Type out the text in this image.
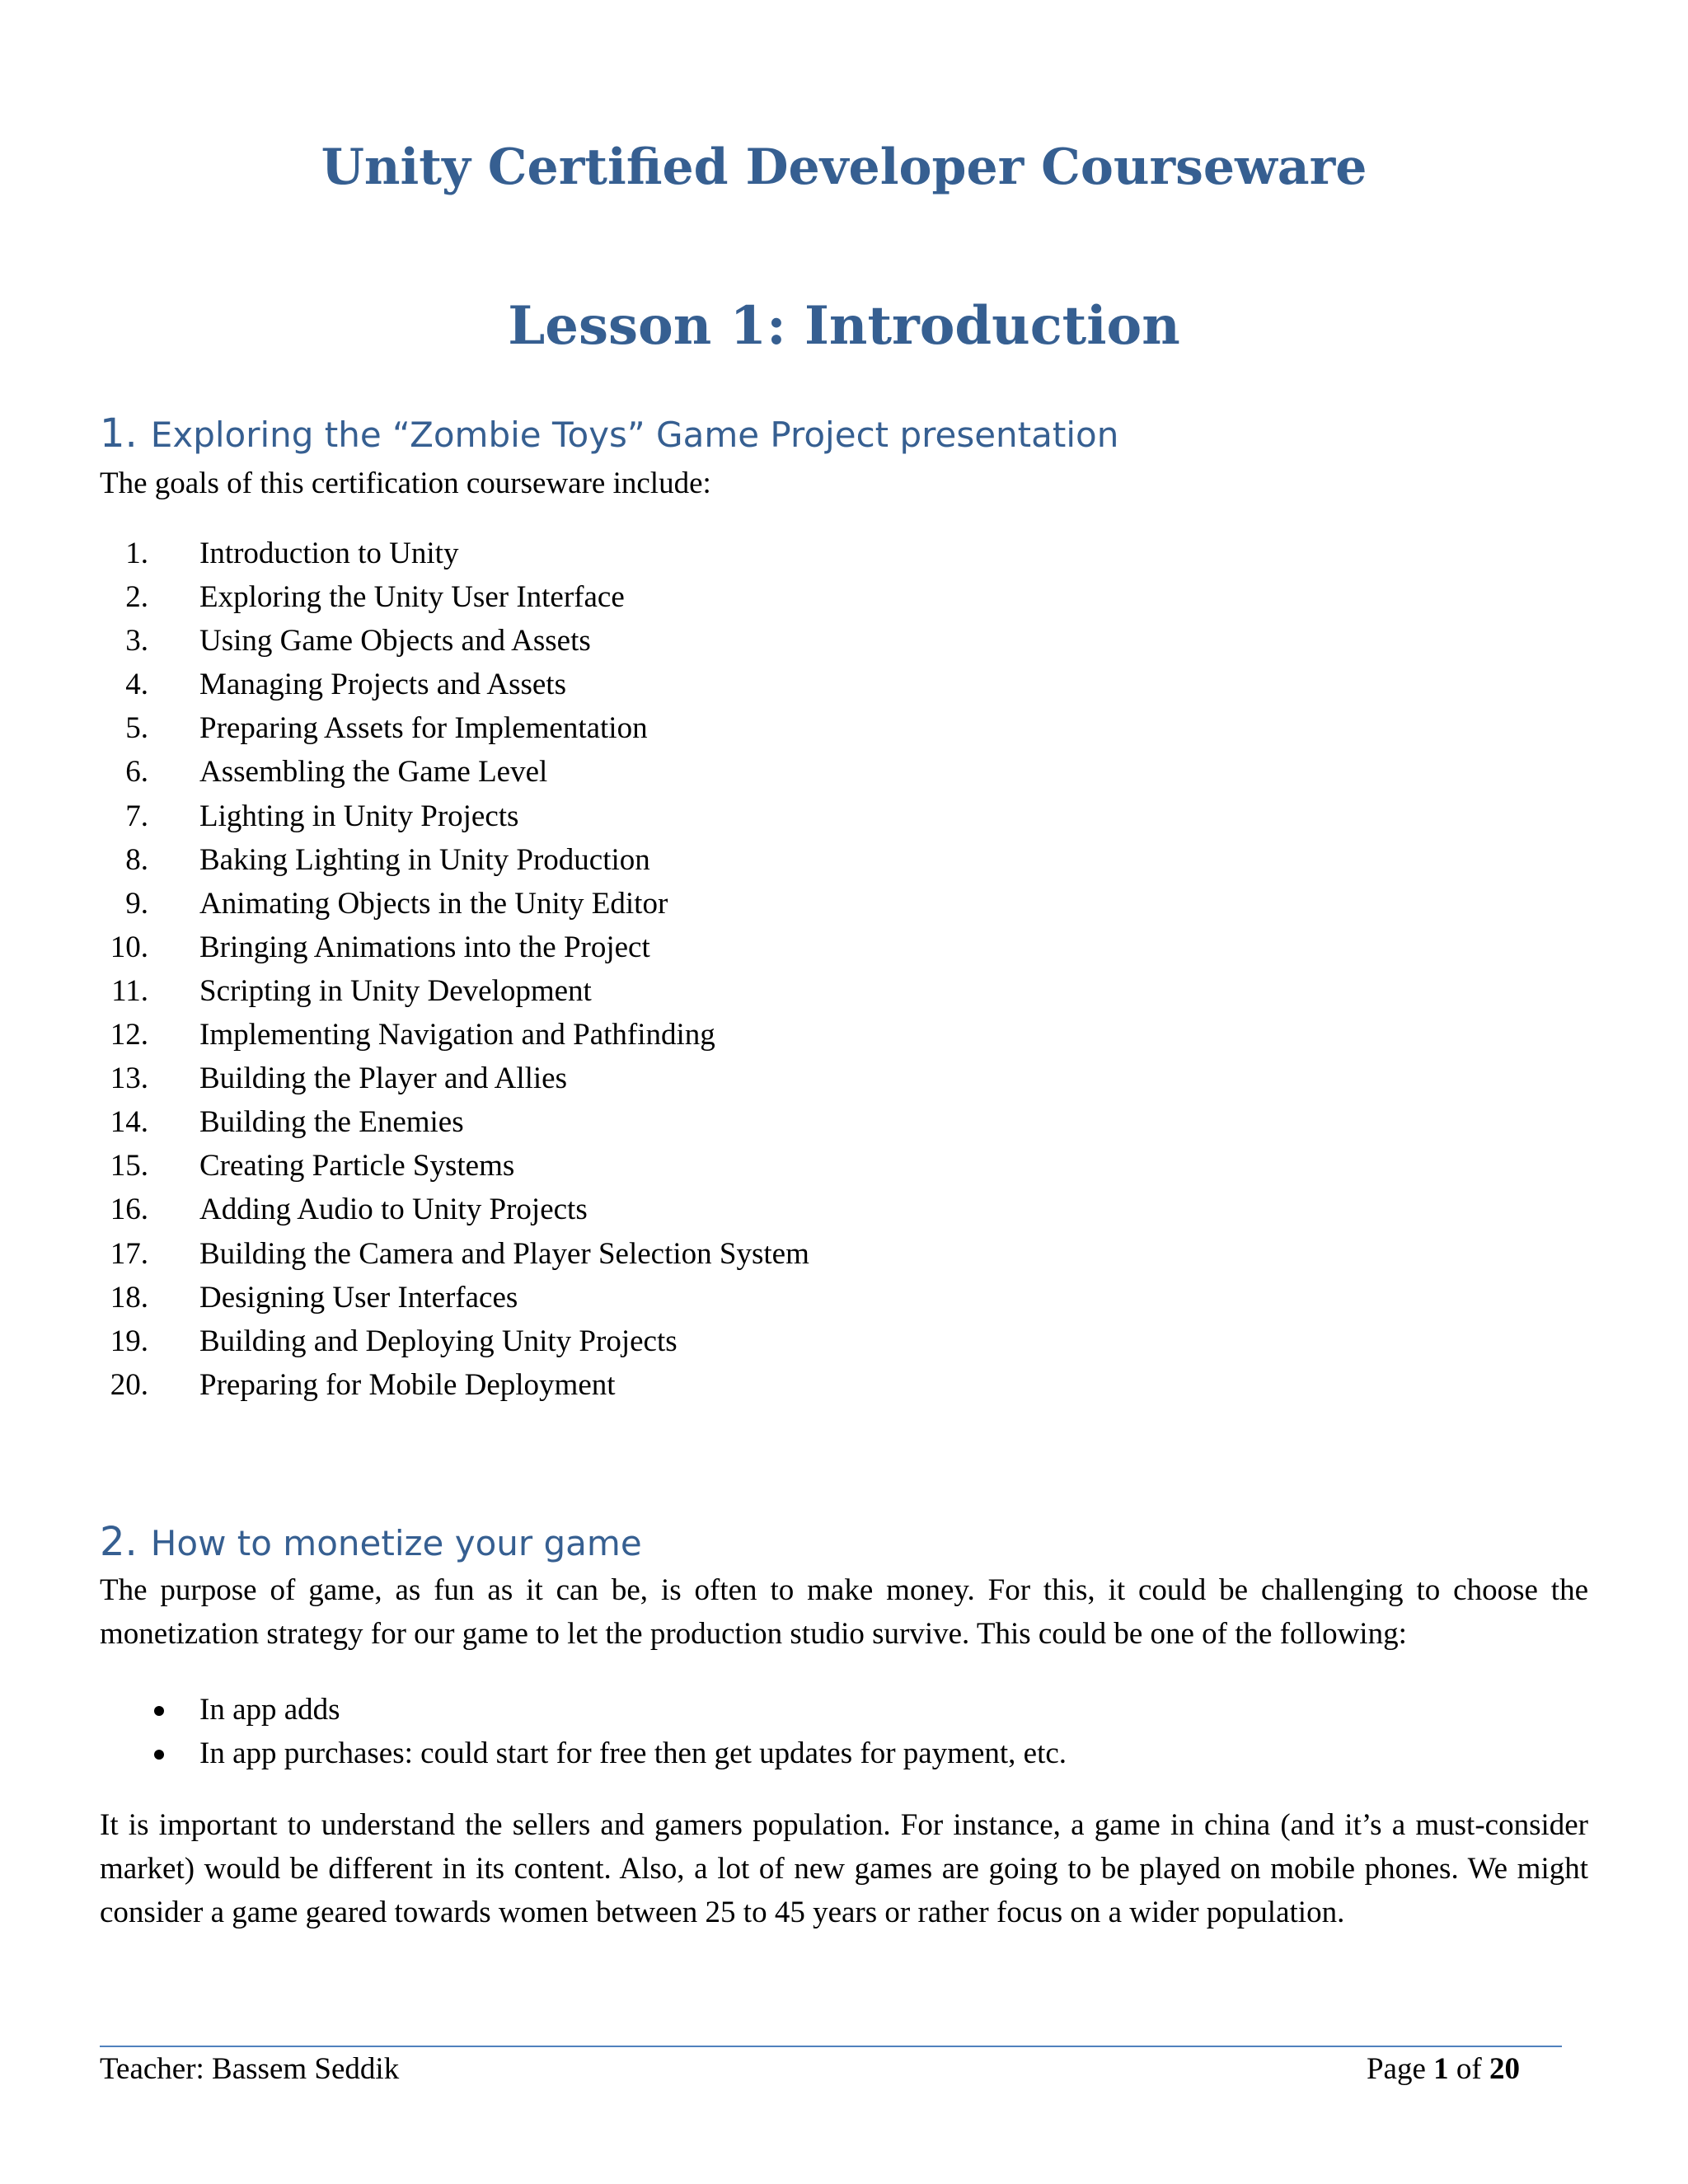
Unity Certified Developer Courseware
Lesson 1: Introduction
1. Exploring the “Zombie Toys” Game Project presentation

The goals of this certification courseware include:

1. Introduction to Unity
2. Exploring the Unity User Interface
3. Using Game Objects and Assets
4. Managing Projects and Assets
5. Preparing Assets for Implementation
6. Assembling the Game Level
7. Lighting in Unity Projects
8. Baking Lighting in Unity Production
9. Animating Objects in the Unity Editor
10. Bringing Animations into the Project
11. Scripting in Unity Development
12. Implementing Navigation and Pathfinding
13. Building the Player and Allies
14. Building the Enemies
15. Creating Particle Systems
16. Adding Audio to Unity Projects
17. Building the Camera and Player Selection System
18. Designing User Interfaces
19. Building and Deploying Unity Projects
20. Preparing for Mobile Deployment
2. How to monetize your game

The purpose of game, as fun as it can be, is often to make money. For this, it could be challenging to choose the monetization strategy for our game to let the production studio survive. This could be one of the following:

In app adds
In app purchases: could start for free then get updates for payment, etc.

It is important to understand the sellers and gamers population. For instance, a game in china (and it’s a must-consider market) would be different in its content. Also, a lot of new games are going to be played on mobile phones. We might consider a game geared towards women between 25 to 45 years or rather focus on a wider population.

Teacher: Bassem Seddik	Page 1 of 20
